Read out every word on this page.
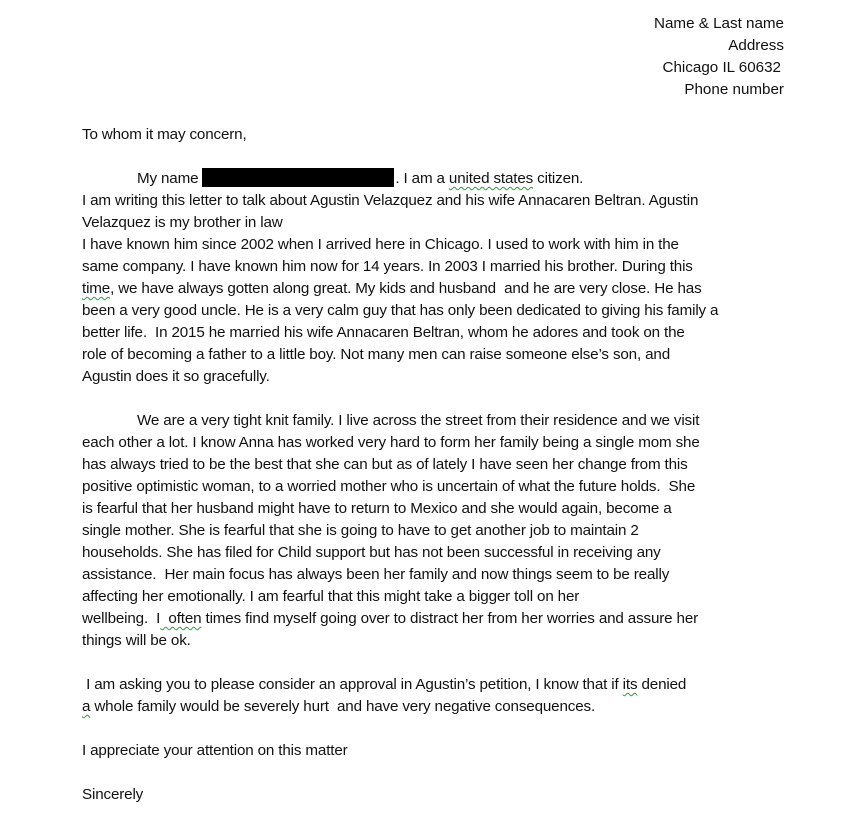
Name & Last name
Address
Chicago IL 60632
Phone number
To whom it may concern,
My name	. I am a united states citizen.
I am writing this letter to talk about Agustin Velazquez and his wife Annacaren Beltran. Agustin
Velazquez is my brother in law
I have known him since 2002 when I arrived here in Chicago. I used to work with him in the
same company. I have known him now for 14 years. In 2003 I married his brother. During this
time, we have always gotten along great. My kids and husband  and he are very close. He has
been a very good uncle. He is a very calm guy that has only been dedicated to giving his family a
better life.  In 2015 he married his wife Annacaren Beltran, whom he adores and took on the
role of becoming a father to a little boy. Not many men can raise someone else’s son, and
Agustin does it so gracefully.
We are a very tight knit family. I live across the street from their residence and we visit
each other a lot. I know Anna has worked very hard to form her family being a single mom she
has always tried to be the best that she can but as of lately I have seen her change from this
positive optimistic woman, to a worried mother who is uncertain of what the future holds.  She
is fearful that her husband might have to return to Mexico and she would again, become a
single mother. She is fearful that she is going to have to get another job to maintain 2
households. She has filed for Child support but has not been successful in receiving any
assistance.  Her main focus has always been her family and now things seem to be really
affecting her emotionally. I am fearful that this might take a bigger toll on her
wellbeing.  I  often times find myself going over to distract her from her worries and assure her
things will be ok.
I am asking you to please consider an approval in Agustin’s petition, I know that if its denied
a whole family would be severely hurt  and have very negative consequences.
I appreciate your attention on this matter
Sincerely
